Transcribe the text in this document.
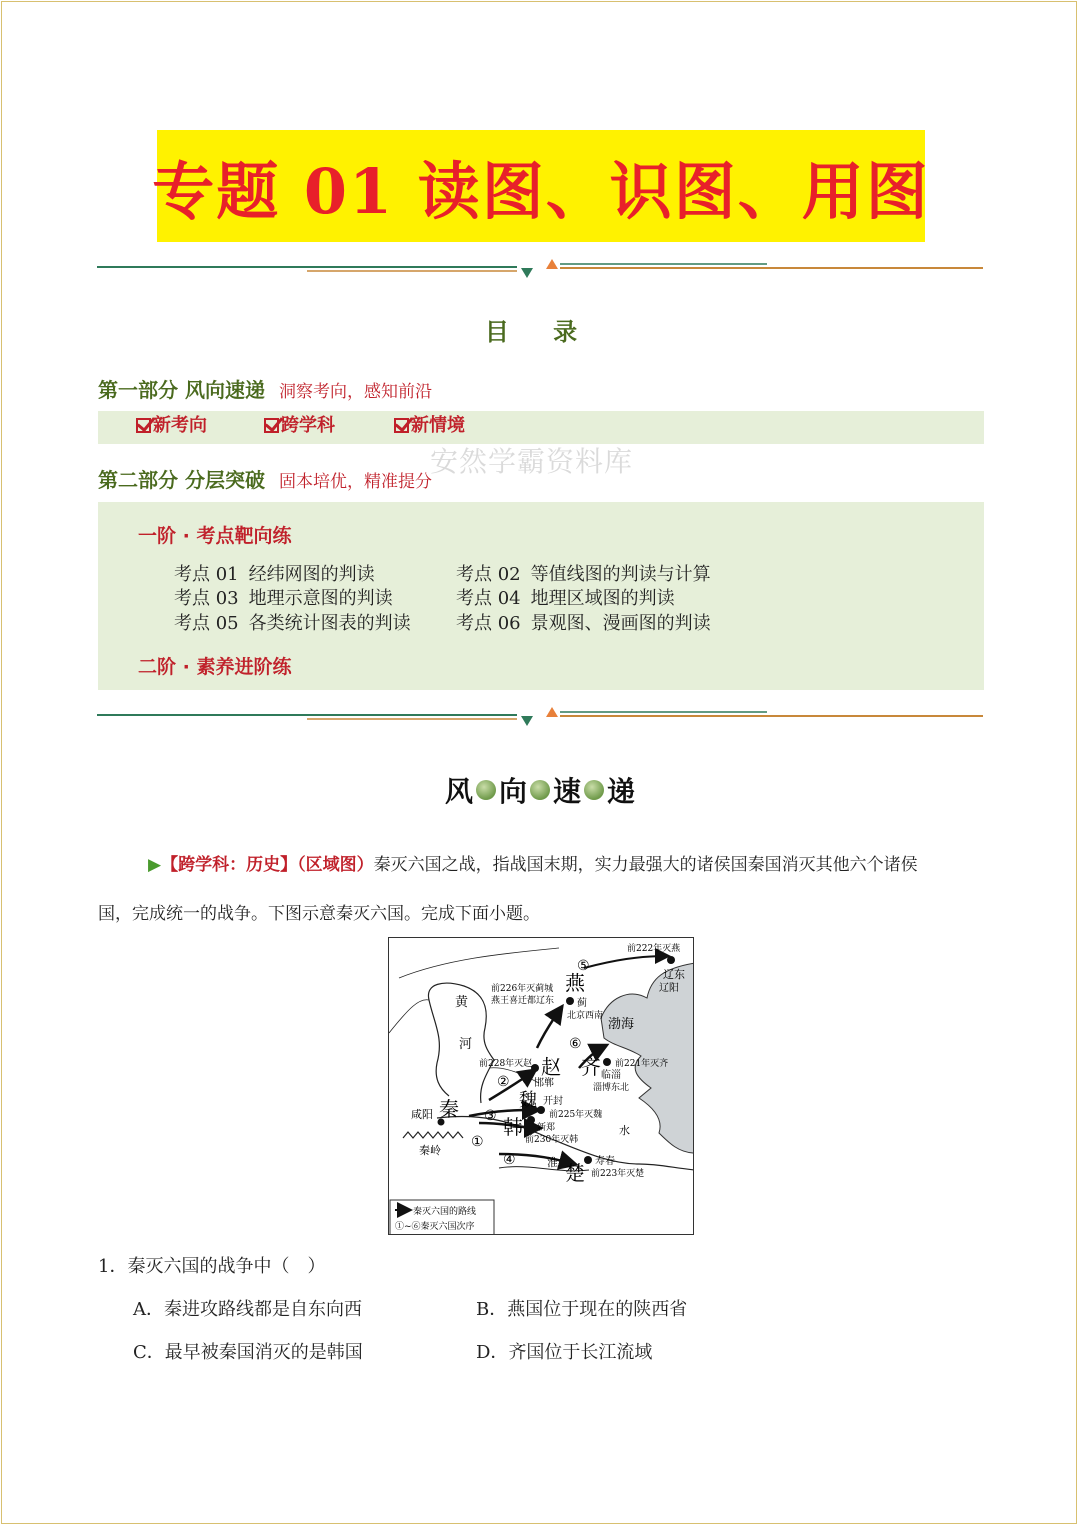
专题 01 读图、识图、用图
目 录
第一部分 风向速递 洞察考向，感知前沿
新考向	跨学科	新情境
第二部分 分层突破 固本培优，精准提分
安然学霸资料库
一阶 · 考点靶向练
考点 01 经纬网图的判读	考点 02 等值线图的判读与计算
考点 03 地理示意图的判读	考点 04 地理区域图的判读
考点 05 各类统计图表的判读	考点 06 景观图、漫画图的判读
二阶 · 素养进阶练
风 向 速 递
▶【跨学科：历史】（区域图）秦灭六国之战，指战国末期，实力最强大的诸侯国秦国消灭其他六个诸侯
国，完成统一的战争。下图示意秦灭六国。完成下面小题。
燕
赵 齐
秦	魏
韩
楚
前222年灭燕
辽东
辽阳
前226年灭蓟城
燕王喜迁都辽东 蓟
北京西南
渤海
黄
河
前228年灭赵
邯郸
前221年灭齐
临淄
淄博东北
开封
前225年灭魏
咸阳
新郑
前230年灭韩
秦岭
水
淮	寿春
前223年灭楚
①
②
③
④
⑤
⑥
秦灭六国的路线
①~⑥秦灭六国次序
1．秦灭六国的战争中（　）
A．秦进攻路线都是自东向西	B．燕国位于现在的陕西省
C．最早被秦国消灭的是韩国	D．齐国位于长江流域
